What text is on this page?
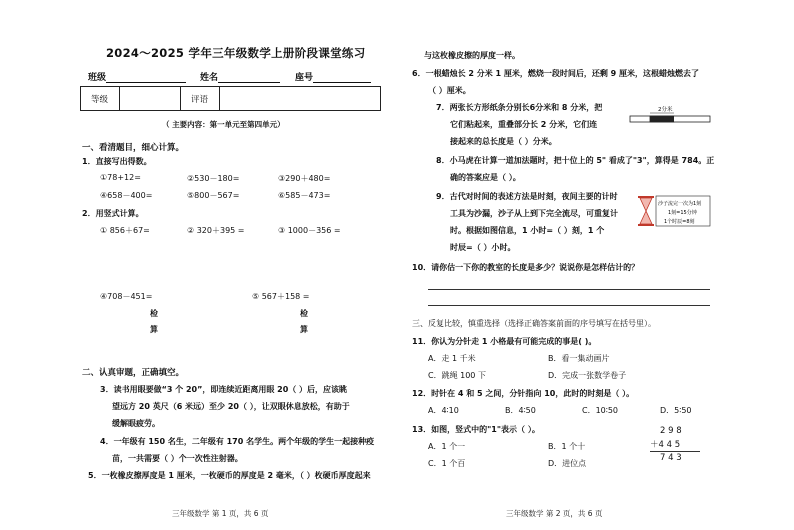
2024～2025 学年三年级数学上册阶段课堂练习
班级	姓名	座号
等级		评语	
（ 主要内容：第一单元至第四单元）
一、看清题目，细心计算。
1．直接写出得数。
①78+12=	②530－180=	③290＋480=
④658－400=	⑤800－567=	⑥585－473=
2．用竖式计算。
① 856＋67=	② 320＋395 =	③ 1000－356 =
④708－451=	⑤ 567＋158 =
检
算
检
算
二、认真审题，正确填空。
3．读书用眼要做“3 个 20”，即连续近距离用眼 20（ ）后，应该眺
望远方 20 英尺（6 米远）至少 20（ ），让双眼休息放松，有助于
缓解眼疲劳。
4．一年级有 150 名生，二年级有 170 名学生。两个年级的学生一起接种疫
苗，一共需要（ ）个一次性注射器。
5．一枚橡皮擦厚度是 1 厘米，一枚硬币的厚度是 2 毫米，（ ）枚硬币厚度起来
三年级数学 第 1 页，共 6 页
与这枚橡皮擦的厚度一样。
6．一根蜡烛长 2 分米 1 厘米，燃烧一段时间后，还剩 9 厘米，这根蜡烛燃去了
（ ）厘米。
7．两张长方形纸条分别长6分米和 8 分米，把
它们粘起来，重叠部分长 2 分米，它们连
接起来的总长度是（ ）分米。
2分米
8．小马虎在计算一道加法题时，把十位上的 5" 看成了"3"，算得是 784。正
确的答案应是（ ）。
9．古代对时间的表述方法是时刻，夜间主要的计时
工具为沙漏，沙子从上到下完全流尽，可重复计
时。根据如图信息，1 小时=（ ）刻，1 个
时辰=（ ）小时。
沙子流完一次为1刻
1刻=15分钟
1个时辰=8刻
10．请你估一下你的教室的长度是多少？说说你是怎样估计的？
三、反复比较，慎重选择（选择正确答案前面的序号填写在括号里）。
11．你认为分针走 1 小格最有可能完成的事是( )。
A．走 1 千米	B．看一集动画片
C．跳绳 100 下	D．完成一张数学卷子
12．时针在 4 和 5 之间，分针指向 10，此时的时刻是（ ）。
A．4∶10	B．4∶50	C．10∶50	D．5∶50
13．如图，竖式中的"1"表示（ ）。
A．1 个一	B．1 个十
C．1 个百	D．进位点
2 9 8
＋4 4 5
7 4 3
三年级数学 第 2 页，共 6 页
